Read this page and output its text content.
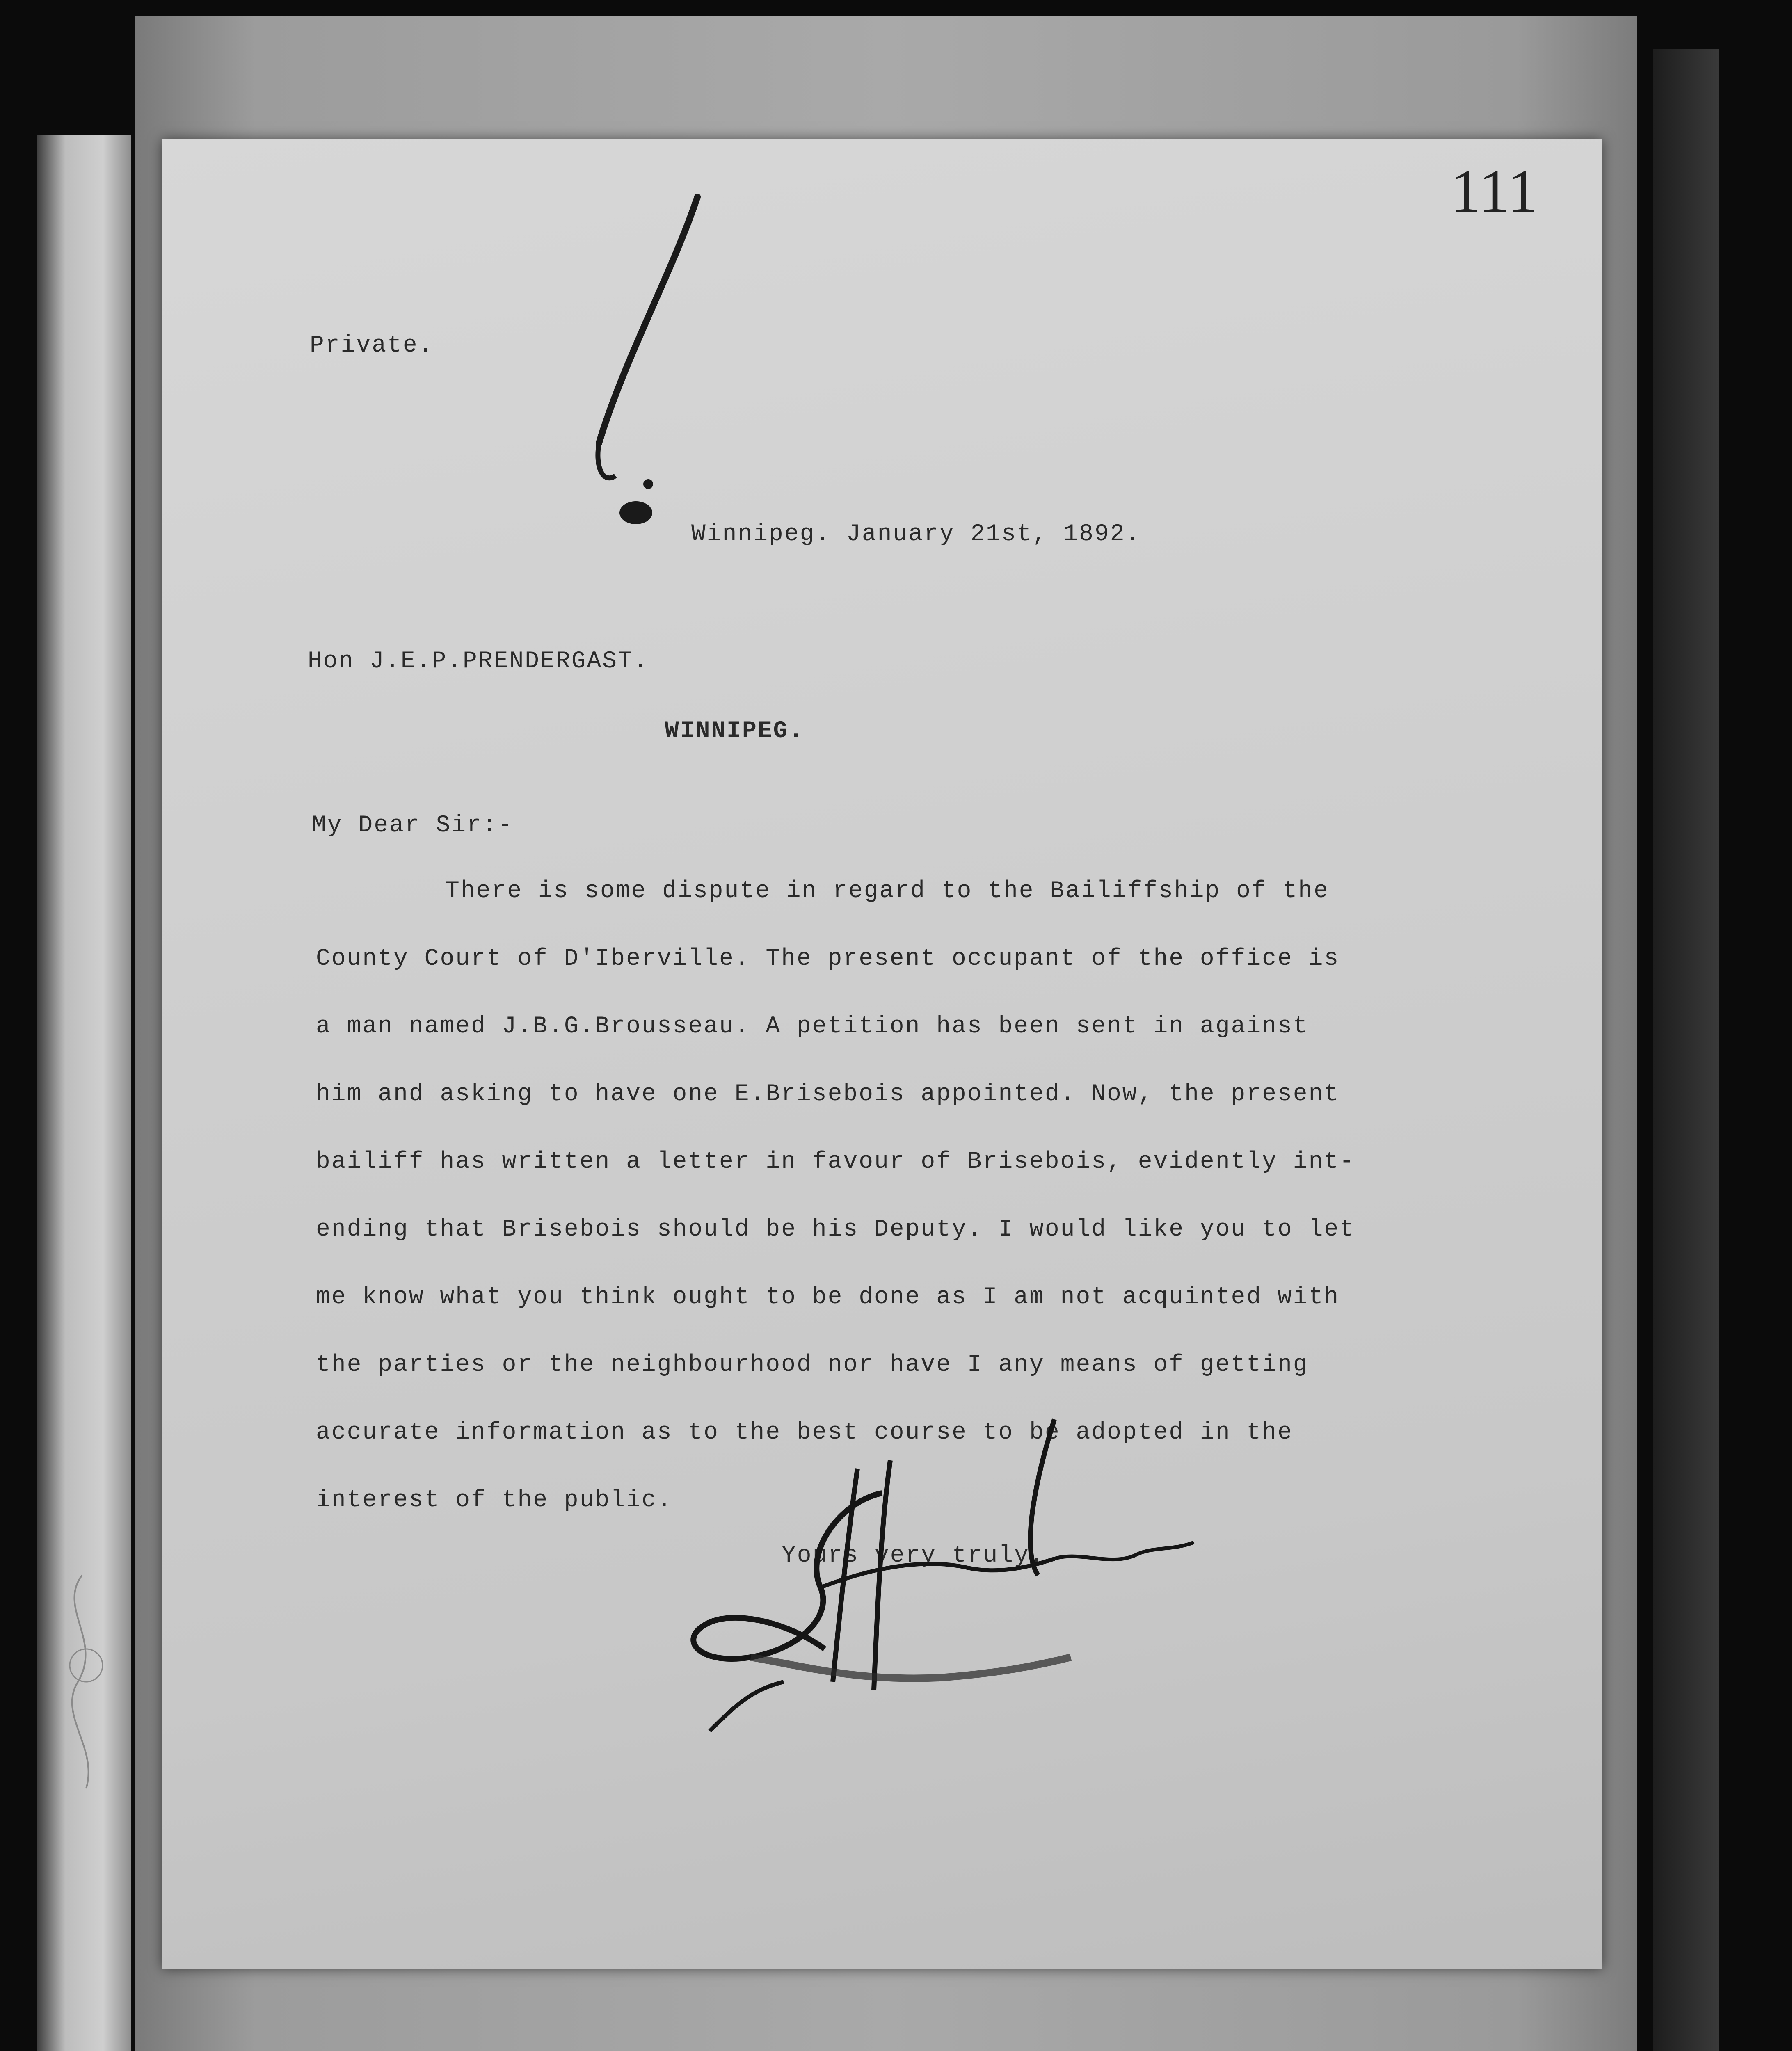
111
Private.
Winnipeg. January 21st, 1892.
Hon J.E.P.PRENDERGAST.
WINNIPEG.
My Dear Sir:-
There is some dispute in regard to the Bailiffship of the
County Court of D'Iberville. The present occupant of the office is
a man named J.B.G.Brousseau. A petition has been sent in against
him and asking to have one E.Brisebois appointed. Now, the present
bailiff has written a letter in favour of Brisebois, evidently int-
ending that Brisebois should be his Deputy. I would like you to let
me know what you think ought to be done as I am not acquinted with
the parties or the neighbourhood nor have I any means of getting
accurate information as to the best course to be adopted in the
interest of the public.
Yours very truly.
